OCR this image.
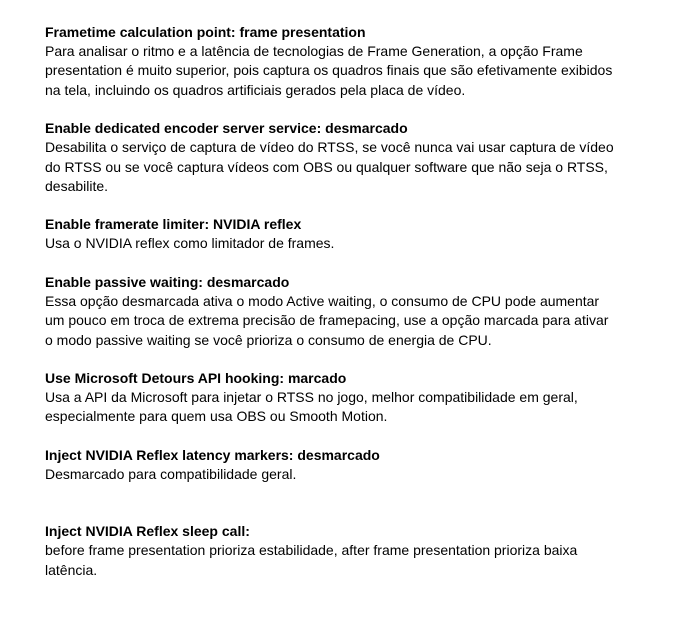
Frametime calculation point: frame presentation

Para analisar o ritmo e a latência de tecnologias de Frame Generation, a opção Frame
presentation é muito superior, pois captura os quadros finais que são efetivamente exibidos
na tela, incluindo os quadros artificiais gerados pela placa de vídeo.

Enable dedicated encoder server service: desmarcado

Desabilita o serviço de captura de vídeo do RTSS, se você nunca vai usar captura de vídeo
do RTSS ou se você captura vídeos com OBS ou qualquer software que não seja o RTSS,
desabilite.

Enable framerate limiter: NVIDIA reflex

Usa o NVIDIA reflex como limitador de frames.

Enable passive waiting: desmarcado

Essa opção desmarcada ativa o modo Active waiting, o consumo de CPU pode aumentar
um pouco em troca de extrema precisão de framepacing, use a opção marcada para ativar
o modo passive waiting se você prioriza o consumo de energia de CPU.

Use Microsoft Detours API hooking: marcado

Usa a API da Microsoft para injetar o RTSS no jogo, melhor compatibilidade em geral,
especialmente para quem usa OBS ou Smooth Motion.

Inject NVIDIA Reflex latency markers: desmarcado

Desmarcado para compatibilidade geral.

Inject NVIDIA Reflex sleep call:

before frame presentation prioriza estabilidade, after frame presentation prioriza baixa
latência.
